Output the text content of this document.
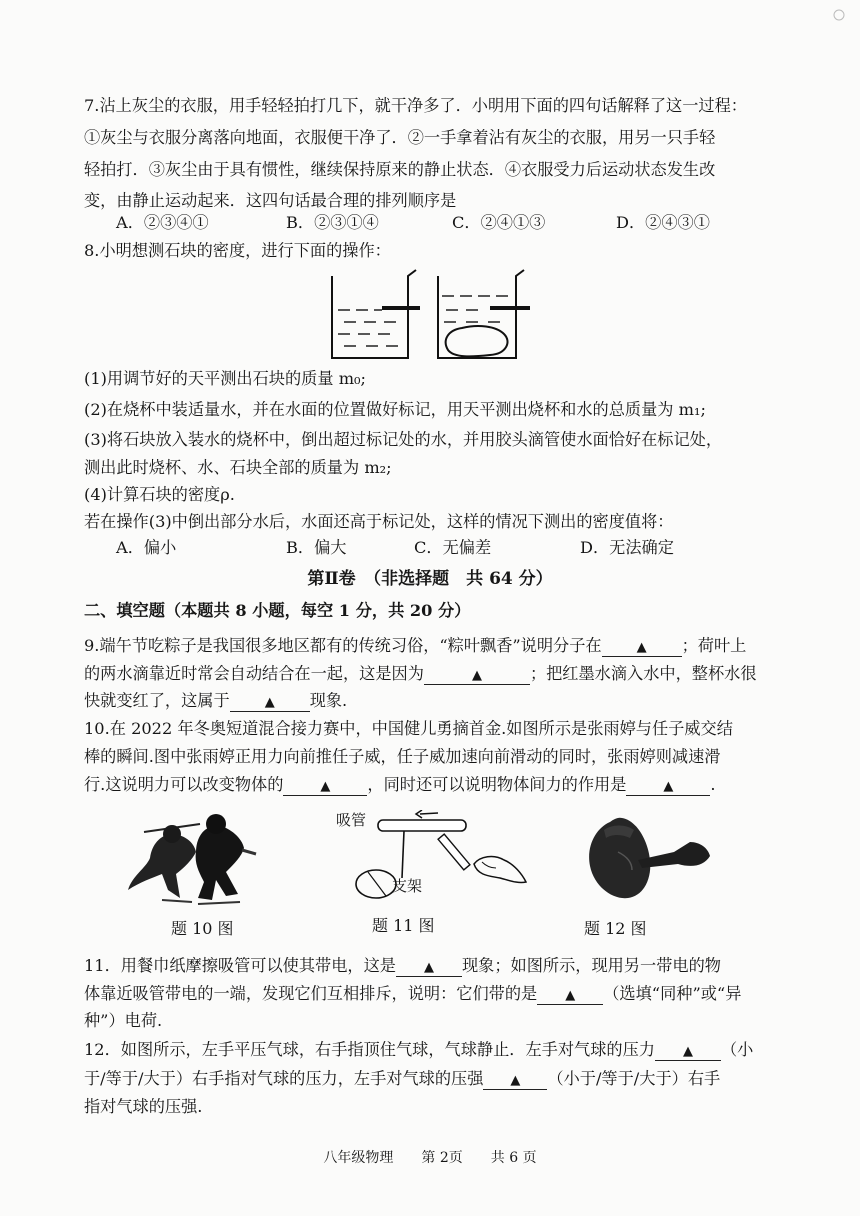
7.沾上灰尘的衣服，用手轻轻拍打几下，就干净多了．小明用下面的四句话解释了这一过程：
①灰尘与衣服分离落向地面，衣服便干净了．②一手拿着沾有灰尘的衣服，用另一只手轻
轻拍打．③灰尘由于具有惯性，继续保持原来的静止状态．④衣服受力后运动状态发生改
变，由静止运动起来．这四句话最合理的排列顺序是
A．②③④①	B．②③①④	C．②④①③	D．②④③①
8.小明想测石块的密度，进行下面的操作：
(1)用调节好的天平测出石块的质量 m₀;
(2)在烧杯中装适量水，并在水面的位置做好标记，用天平测出烧杯和水的总质量为 m₁;
(3)将石块放入装水的烧杯中，倒出超过标记处的水，并用胶头滴管使水面恰好在标记处，
测出此时烧杯、水、石块全部的质量为 m₂;
(4)计算石块的密度ρ.
若在操作(3)中倒出部分水后，水面还高于标记处，这样的情况下测出的密度值将：
A．偏小	B．偏大	C．无偏差	D．无法确定
第Ⅱ卷　（非选择题　共 64 分）
二、填空题（本题共 8 小题，每空 1 分，共 20 分）
9.端午节吃粽子是我国很多地区都有的传统习俗，“粽叶飘香”说明分子在	▲ ；荷叶上
的两水滴靠近时常会自动结合在一起，这是因为	▲	；把红墨水滴入水中，整杯水很
快就变红了，这属于	▲ 现象.
10.在 2022 年冬奥短道混合接力赛中，中国健儿勇摘首金.如图所示是张雨婷与任子威交结
棒的瞬间.图中张雨婷正用力向前推任子威，任子威加速向前滑动的同时，张雨婷则减速滑
行.这说明力可以改变物体的	▲ ，同时还可以说明物体间力的作用是	▲ .
题 10 图
吸管
支架
题 11 图	题 12 图
11．用餐巾纸摩擦吸管可以使其带电，这是 ▲ 现象；如图所示，现用另一带电的物
体靠近吸管带电的一端，发现它们互相排斥，说明：它们带的是 ▲ （选填“同种”或“异
种”）电荷.
12．如图所示，左手平压气球，右手指顶住气球，气球静止．左手对气球的压力 ▲ （小
于/等于/大于）右手指对气球的压力，左手对气球的压强 ▲ （小于/等于/大于）右手
指对气球的压强.
八年级物理　　第 2页　　共 6 页
